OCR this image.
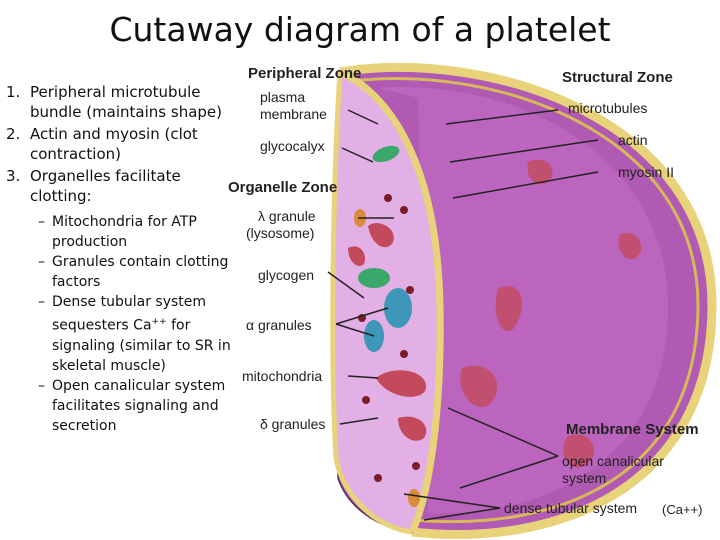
Cutaway diagram of a platelet
1. Peripheral microtubule bundle (maintains shape)
2. Actin and myosin (clot contraction)
3. Organelles facilitate clotting:
– Mitochondria for ATP production
– Granules contain clotting factors
– Dense tubular system sequesters Ca++ for signaling (similar to SR in skeletal muscle)
– Open canalicular system facilitates signaling and secretion
Peripheral Zone	Structural Zone
plasma
membrane	microtubules
glycocalyx	actin
myosin II
Organelle Zone
λ granule
(lysosome)
glycogen
α granules
mitochondria
δ granules	Membrane System
open canalicular
system
dense tubular system (Ca++)
